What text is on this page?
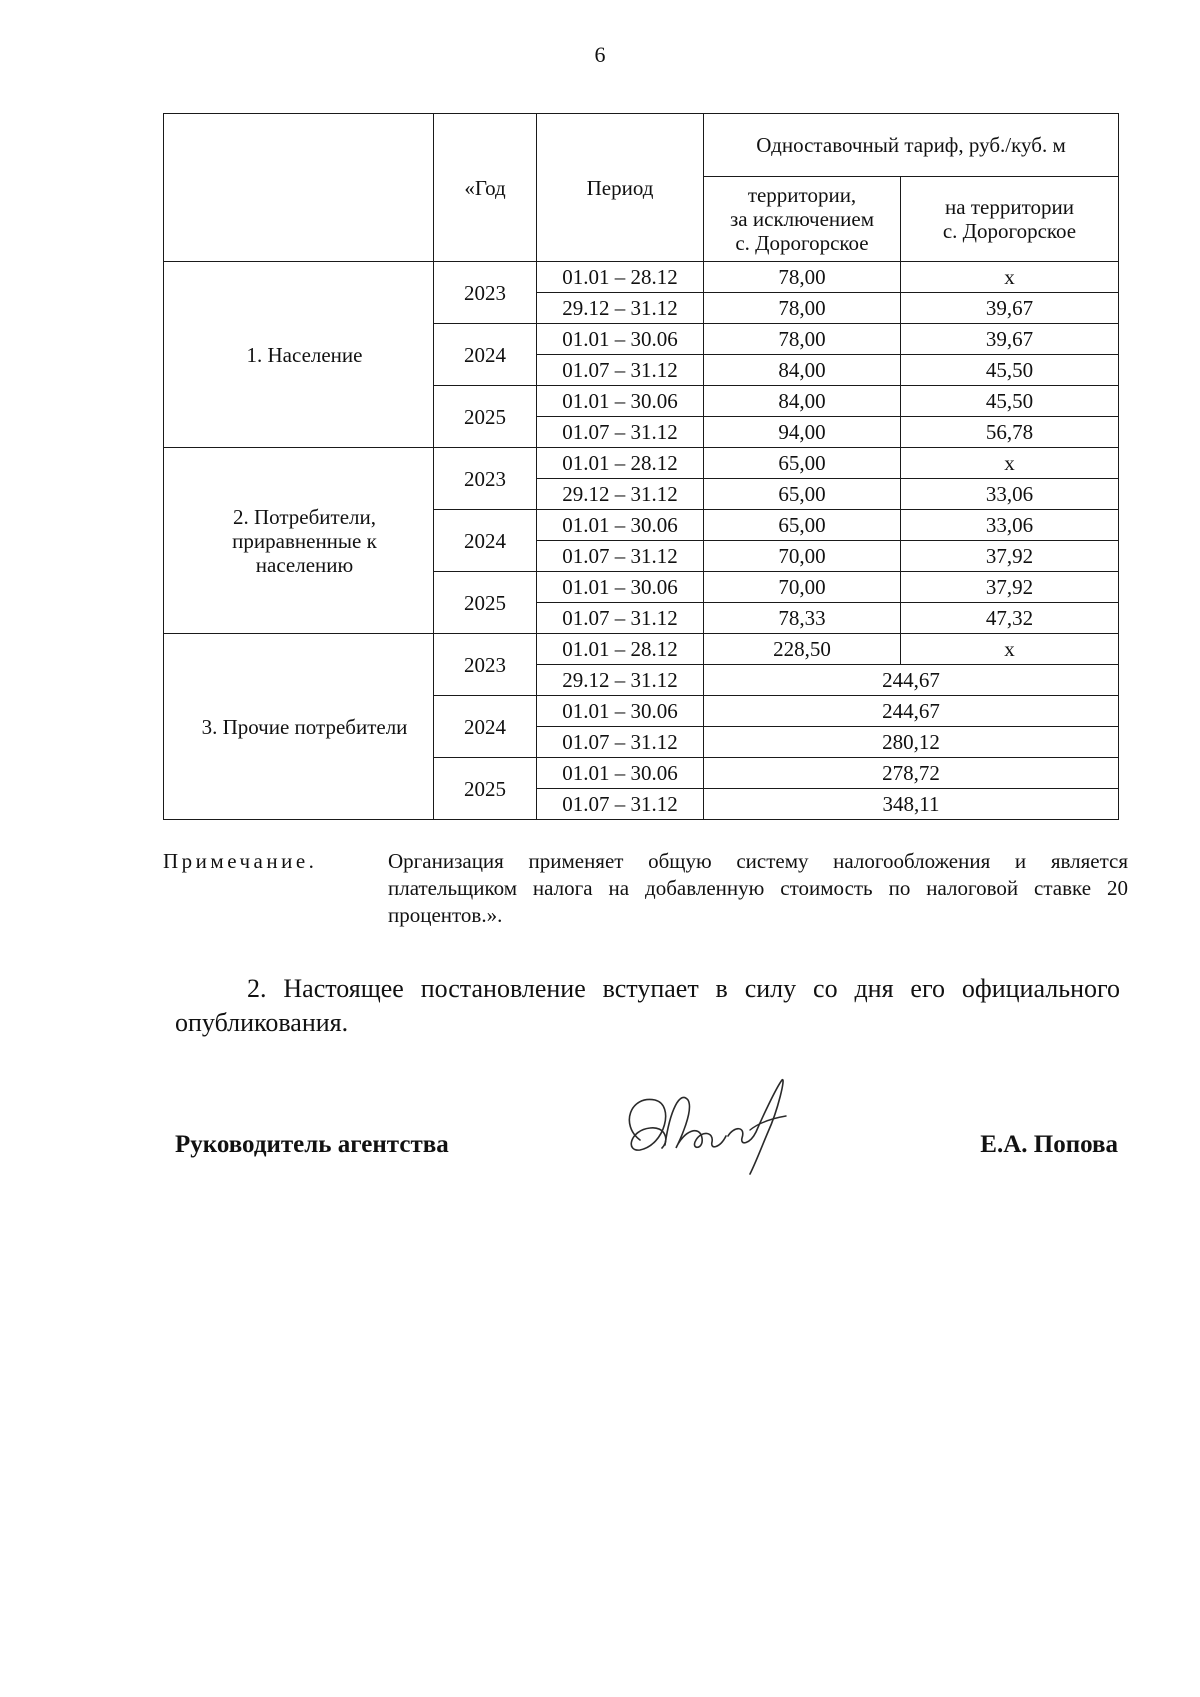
6
	«Год	Период	Одноставочный тариф, руб./куб. м	
			территории,
за исключением
с. Дорогорское	на территории
с. Дорогорское
1. Население	2023	01.01 – 28.12	78,00	х
		29.12 – 31.12	78,00	39,67
	2024	01.01 – 30.06	78,00	39,67
		01.07 – 31.12	84,00	45,50
	2025	01.01 – 30.06	84,00	45,50
		01.07 – 31.12	94,00	56,78
2. Потребители,
приравненные к
населению	2023	01.01 – 28.12	65,00	х
		29.12 – 31.12	65,00	33,06
	2024	01.01 – 30.06	65,00	33,06
		01.07 – 31.12	70,00	37,92
	2025	01.01 – 30.06	70,00	37,92
		01.07 – 31.12	78,33	47,32
3. Прочие потребители	2023	01.01 – 28.12	228,50	х
		29.12 – 31.12	244,67	
	2024	01.01 – 30.06	244,67	
		01.07 – 31.12	280,12	
	2025	01.01 – 30.06	278,72	
		01.07 – 31.12	348,11	
Примечание.	Организация применяет общую систему налогообложения и является плательщиком налога на добавленную стоимость по налоговой ставке 20 процентов.».
2. Настоящее постановление вступает в силу со дня его официального опубликования.
Руководитель агентства	Е.А. Попова
